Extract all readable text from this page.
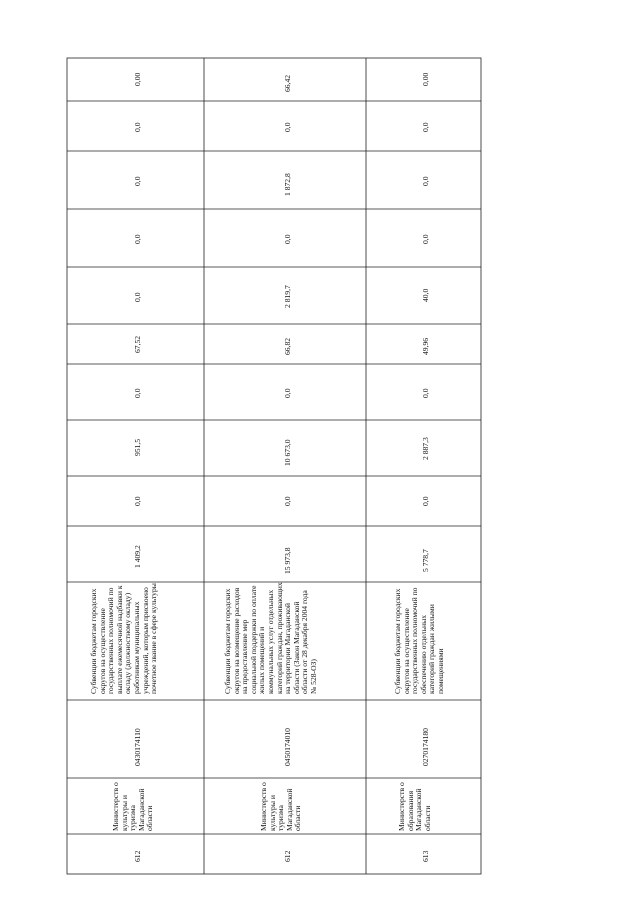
0,00
0,0
0,0
0,0
0,0
67,52
0,0
951,5
0,0
1 409,2
Субвенции бюджетам городских округов на осуществление государственных полномочий по выплате ежемесячной надбавки к окладу (должностному окладу) работникам муниципальных учреждений, которым присвоено почетное звание в сфере культуры
0430174110
Министерств о культуры и туризма Магаданской области
612
66,42
0,0
1 872,8
0,0
2 819,7
66,82
0,0
10 673,0
0,0
15 973,8
Субвенции бюджетам городских округов на возмещение расходов на предоставление мер социальной поддержки по оплате жилых помещений и коммунальных услуг отдельных категорий граждан, проживающих на территории Магаданской области (Закон Магаданской области от 28 декабря 2004 года № 528-ОЗ)
0450174010
Министерств о культуры и туризма Магаданской области
612
0,00
0,0
0,0
0,0
40,0
49,96
0,0
2 887,3
0,0
5 778,7
Субвенции бюджетам городских округов на осуществление государственных полномочий по обеспечению отдельных категорий граждан жилыми помещениями
0270174180
Министерств о образования Магаданской области
613
